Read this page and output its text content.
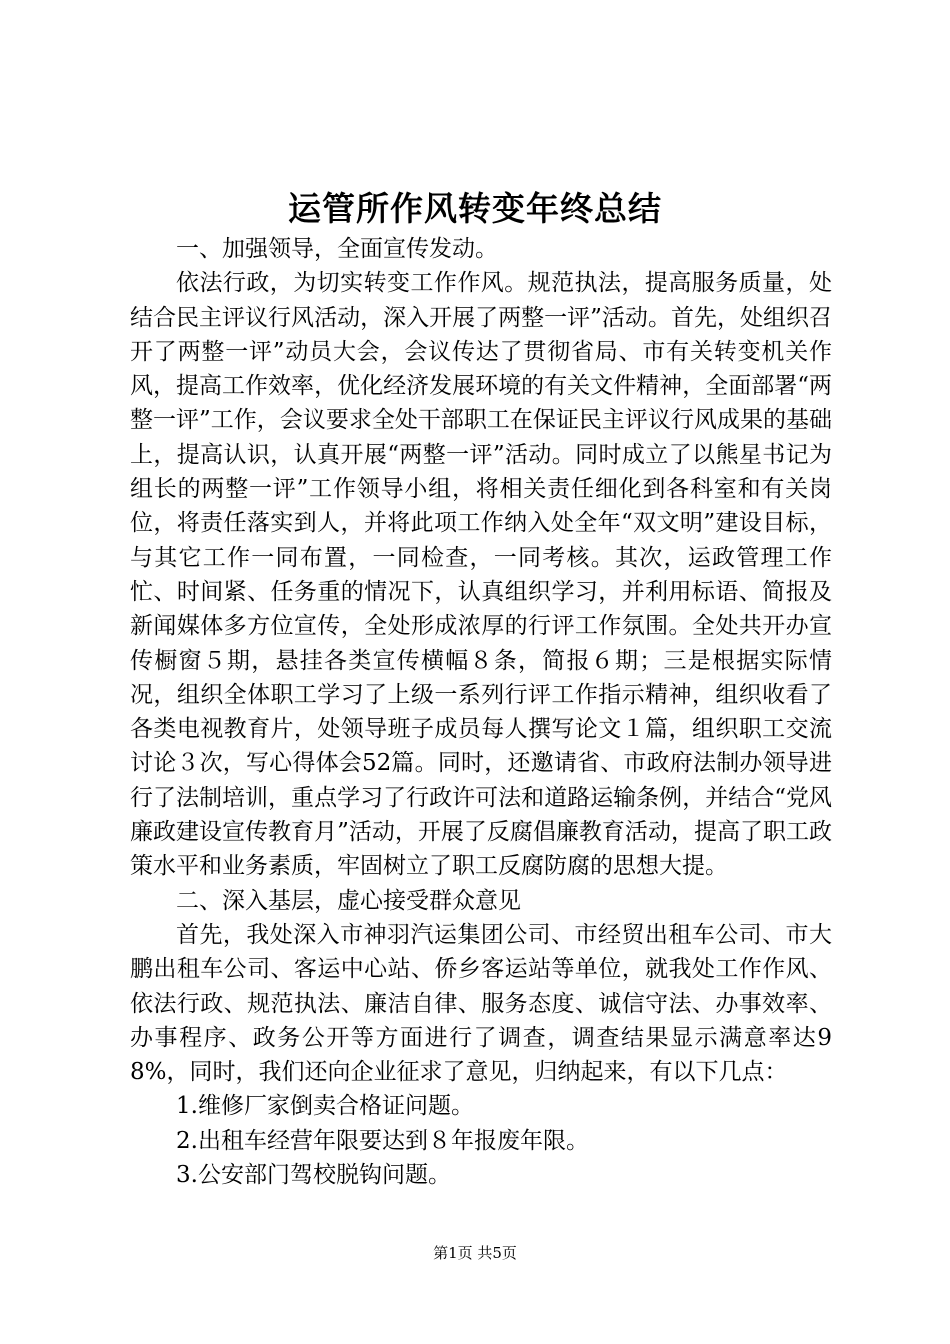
运管所作风转变年终总结

一、加强领导，全面宣传发动。

依法行政，为切实转变工作作风。规范执法，提高服务质量，处结合民主评议行风活动，深入开展了两整一评”活动。首先，处组织召开了两整一评”动员大会，会议传达了贯彻省局、市有关转变机关作风，提高工作效率，优化经济发展环境的有关文件精神，全面部署“两整一评”工作，会议要求全处干部职工在保证民主评议行风成果的基础上，提高认识，认真开展“两整一评”活动。同时成立了以熊星书记为组长的两整一评”工作领导小组，将相关责任细化到各科室和有关岗位，将责任落实到人，并将此项工作纳入处全年“双文明”建设目标，与其它工作一同布置，一同检查，一同考核。其次，运政管理工作忙、时间紧、任务重的情况下，认真组织学习，并利用标语、简报及新闻媒体多方位宣传，全处形成浓厚的行评工作氛围。全处共开办宣传橱窗５期，悬挂各类宣传横幅８条，简报６期；三是根据实际情况，组织全体职工学习了上级一系列行评工作指示精神，组织收看了各类电视教育片，处领导班子成员每人撰写论文１篇，组织职工交流讨论３次，写心得体会52篇。同时，还邀请省、市政府法制办领导进行了法制培训，重点学习了行政许可法和道路运输条例，并结合“党风廉政建设宣传教育月”活动，开展了反腐倡廉教育活动，提高了职工政策水平和业务素质，牢固树立了职工反腐防腐的思想大提。

二、深入基层，虚心接受群众意见

首先，我处深入市神羽汽运集团公司、市经贸出租车公司、市大鹏出租车公司、客运中心站、侨乡客运站等单位，就我处工作作风、依法行政、规范执法、廉洁自律、服务态度、诚信守法、办事效率、办事程序、政务公开等方面进行了调查，调查结果显示满意率达98%，同时，我们还向企业征求了意见，归纳起来，有以下几点：

1.维修厂家倒卖合格证问题。

2.出租车经营年限要达到８年报废年限。

3.公安部门驾校脱钩问题。

第1页 共5页
